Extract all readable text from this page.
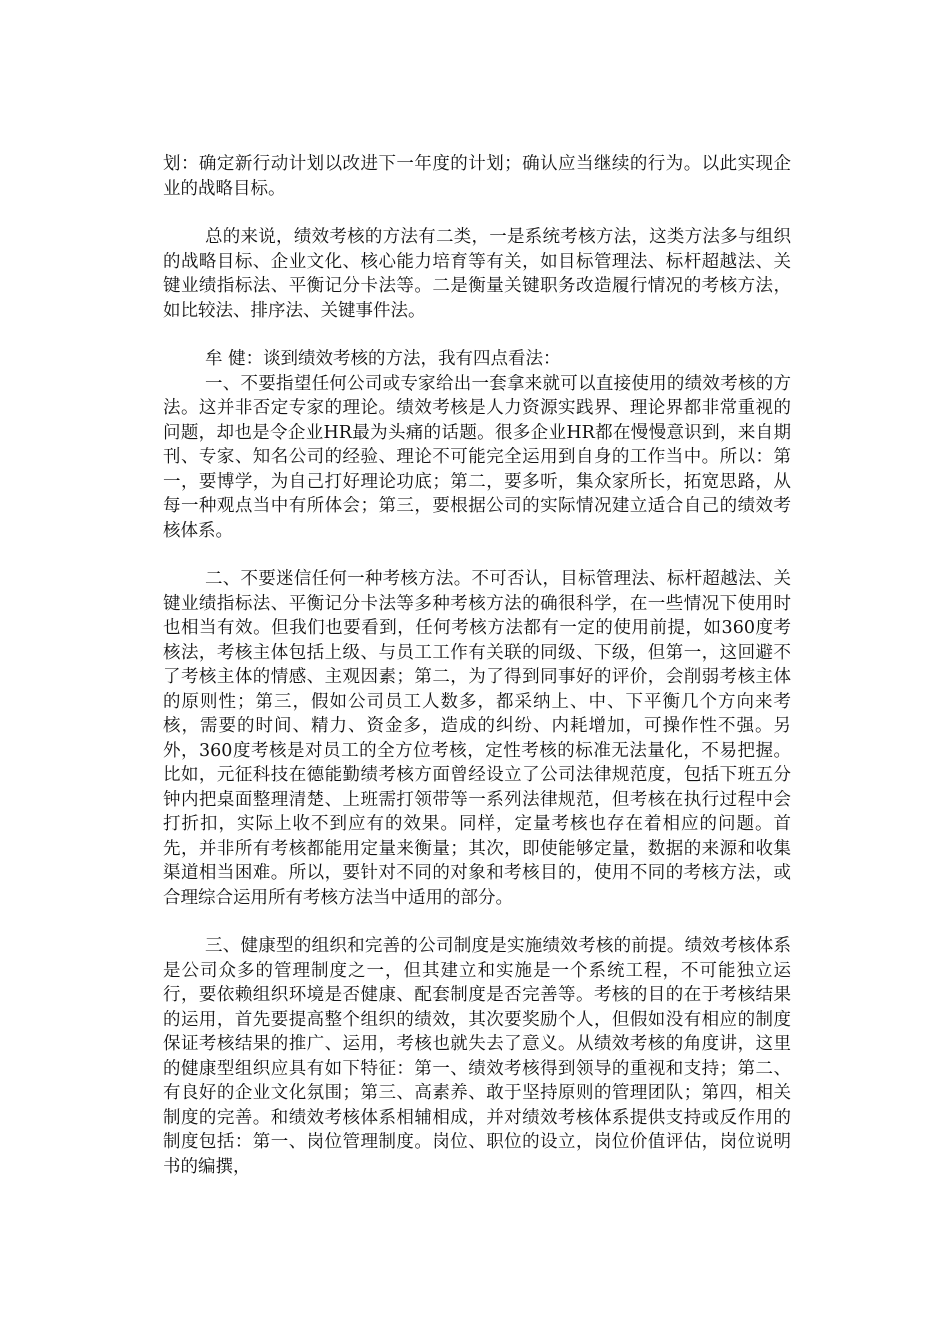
划：确定新行动计划以改进下一年度的计划；确认应当继续的行为。以此实现企业的战略目标。

总的来说，绩效考核的方法有二类，一是系统考核方法，这类方法多与组织的战略目标、企业文化、核心能力培育等有关，如目标管理法、标杆超越法、关键业绩指标法、平衡记分卡法等。二是衡量关键职务改造履行情况的考核方法，如比较法、排序法、关键事件法。

牟 健：谈到绩效考核的方法，我有四点看法：

一、不要指望任何公司或专家给出一套拿来就可以直接使用的绩效考核的方法。这并非否定专家的理论。绩效考核是人力资源实践界、理论界都非常重视的问题，却也是令企业HR最为头痛的话题。很多企业HR都在慢慢意识到，来自期刊、专家、知名公司的经验、理论不可能完全运用到自身的工作当中。所以：第一，要博学，为自己打好理论功底；第二，要多听，集众家所长，拓宽思路，从每一种观点当中有所体会；第三，要根据公司的实际情况建立适合自己的绩效考核体系。

二、不要迷信任何一种考核方法。不可否认，目标管理法、标杆超越法、关键业绩指标法、平衡记分卡法等多种考核方法的确很科学，在一些情况下使用时也相当有效。但我们也要看到，任何考核方法都有一定的使用前提，如360度考核法，考核主体包括上级、与员工工作有关联的同级、下级，但第一，这回避不了考核主体的情感、主观因素；第二，为了得到同事好的评价，会削弱考核主体的原则性；第三，假如公司员工人数多，都采纳上、中、下平衡几个方向来考核，需要的时间、精力、资金多，造成的纠纷、内耗增加，可操作性不强。另外，360度考核是对员工的全方位考核，定性考核的标准无法量化，不易把握。比如，元征科技在德能勤绩考核方面曾经设立了公司法律规范度，包括下班五分钟内把桌面整理清楚、上班需打领带等一系列法律规范，但考核在执行过程中会打折扣，实际上收不到应有的效果。同样，定量考核也存在着相应的问题。首先，并非所有考核都能用定量来衡量；其次，即使能够定量，数据的来源和收集渠道相当困难。所以，要针对不同的对象和考核目的，使用不同的考核方法，或合理综合运用所有考核方法当中适用的部分。

三、健康型的组织和完善的公司制度是实施绩效考核的前提。绩效考核体系是公司众多的管理制度之一，但其建立和实施是一个系统工程，不可能独立运行，要依赖组织环境是否健康、配套制度是否完善等。考核的目的在于考核结果的运用，首先要提高整个组织的绩效，其次要奖励个人，但假如没有相应的制度保证考核结果的推广、运用，考核也就失去了意义。从绩效考核的角度讲，这里的健康型组织应具有如下特征：第一、绩效考核得到领导的重视和支持；第二、有良好的企业文化氛围；第三、高素养、敢于坚持原则的管理团队；第四，相关制度的完善。和绩效考核体系相辅相成，并对绩效考核体系提供支持或反作用的制度包括：第一、岗位管理制度。岗位、职位的设立，岗位价值评估，岗位说明书的编撰，
